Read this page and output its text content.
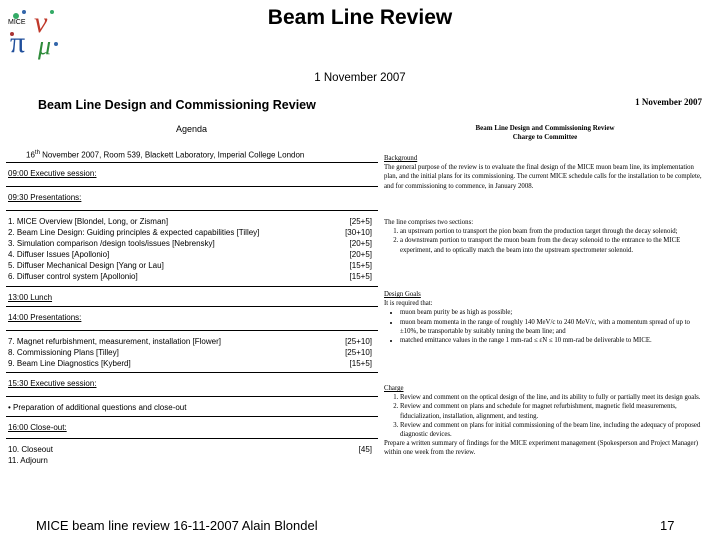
ν
π μ
MICE	Beam Line Review
1 November 2007
Beam Line Design and Commissioning Review
Agenda
16th November 2007, Room 539, Blackett Laboratory, Imperial College London
09:00 Executive session:
09:30 Presentations:
1. MICE Overview [Blondel, Long, or Zisman]	[25+5]
2. Beam Line Design: Guiding principles & expected capabilities [Tilley]	[30+10]
3. Simulation comparison /design tools/issues [Nebrensky]	[20+5]
4. Diffuser Issues [Apollonio]	[20+5]
5. Diffuser Mechanical Design [Yang or Lau]	[15+5]
6. Diffuser control system [Apollonio]	[15+5]
13:00 Lunch
14:00 Presentations:
7. Magnet refurbishment, measurement, installation [Flower]	[25+10]
8. Commissioning Plans [Tilley]	[25+10]
9. Beam Line Diagnostics [Kyberd]	[15+5]
15:30 Executive session:
• Preparation of additional questions and close-out
16:00 Close-out:
10. Closeout	[45]
11. Adjourn
1 November 2007
Beam Line Design and Commissioning Review
Charge to Committee

Background

The general purpose of the review is to evaluate the final design of the MICE muon beam line, its implementation plan, and the initial plans for its commissioning. The current MICE schedule calls for the installation to be complete, and for commissioning to commence, in January 2008.

The line comprises two sections:

1. an upstream portion to transport the pion beam from the production target through the decay solenoid;
2. a downstream portion to transport the muon beam from the decay solenoid to the entrance to the MICE experiment, and to optically match the beam into the upstream spectrometer solenoid.

Design Goals

It is required that:

• muon beam purity be as high as possible;
• muon beam momenta in the range of roughly 140 MeV/c to 240 MeV/c, with a momentum spread of up to ±10%, be transportable by suitably tuning the beam line; and
• matched emittance values in the range 1 mm-rad ≤ εN ≤ 10 mm-rad be deliverable to MICE.

Charge

1. Review and comment on the optical design of the line, and its ability to fully or partially meet its design goals.
2. Review and comment on plans and schedule for magnet refurbishment, magnetic field measurements, fiducialization, installation, alignment, and testing.
3. Review and comment on plans for initial commissioning of the beam line, including the adequacy of proposed diagnostic devices.

Prepare a written summary of findings for the MICE experiment management (Spokesperson and Project Manager) within one week from the review.

MICE beam line review 16-11-2007 Alain Blondel	17
